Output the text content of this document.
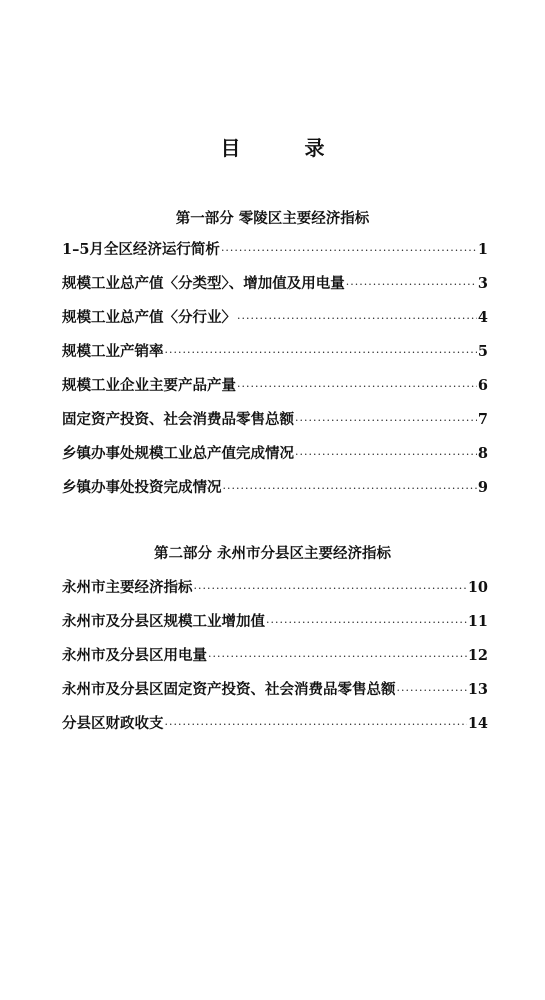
目　录
第一部分 零陵区主要经济指标
1–5月全区经济运行简析 ·····	1
规模工业总产值〈分类型〉、增加值及用电量 ·····	3
规模工业总产值〈分行业〉 ·····	4
规模工业产销率 ·····	5
规模工业企业主要产品产量 ·····	6
固定资产投资、社会消费品零售总额 ·····	7
乡镇办事处规模工业总产值完成情况 ·····	8
乡镇办事处投资完成情况 ·····	9
第二部分 永州市分县区主要经济指标
永州市主要经济指标 ·····	10
永州市及分县区规模工业增加值 ·····	11
永州市及分县区用电量 ·····	12
永州市及分县区固定资产投资、社会消费品零售总额 ·····	13
分县区财政收支 ·····	14
